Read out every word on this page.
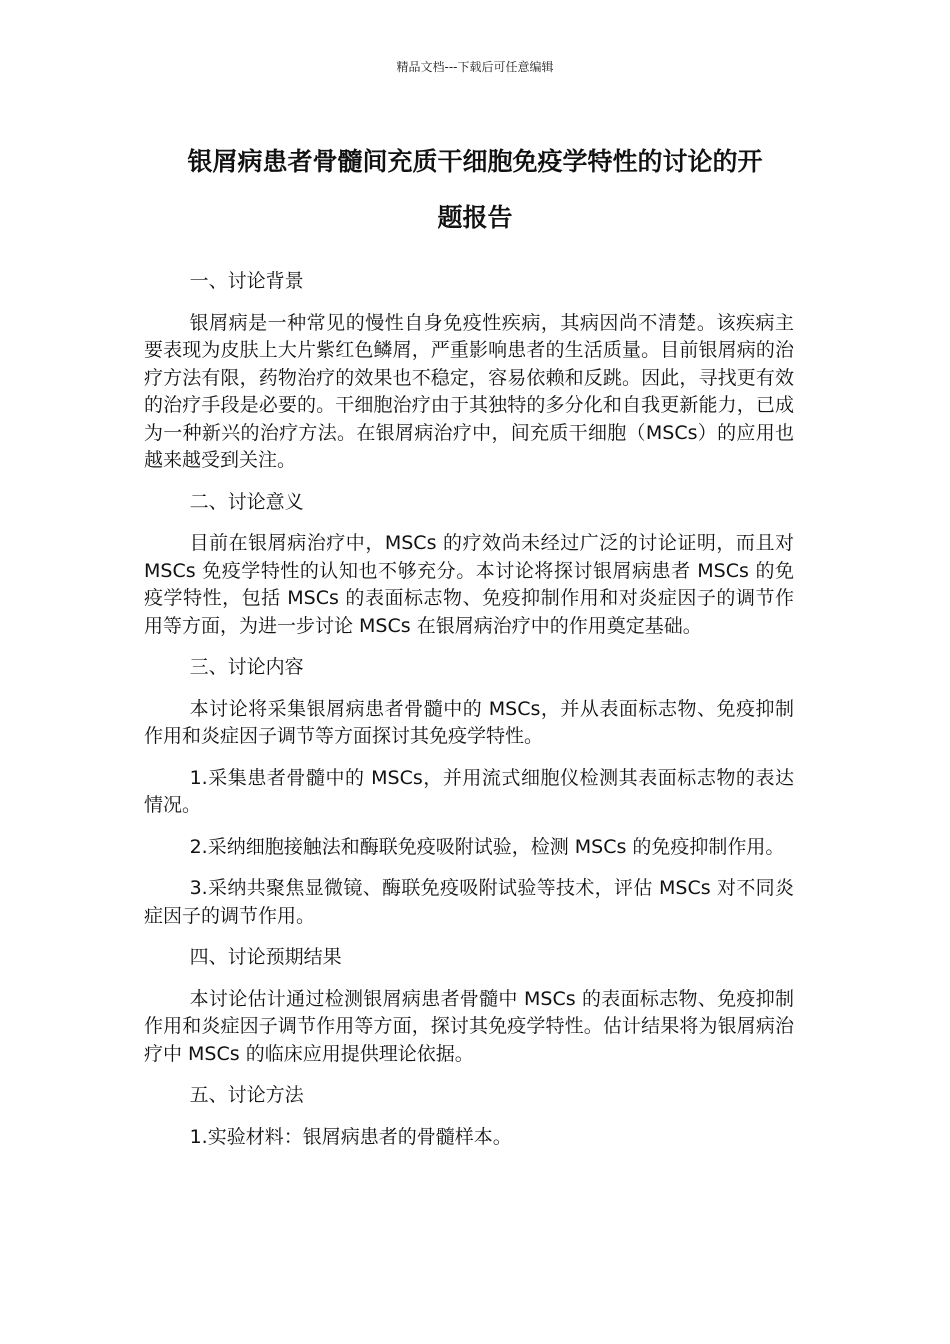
精品文档---下载后可任意编辑
银屑病患者骨髓间充质干细胞免疫学特性的讨论的开
题报告

一、讨论背景

银屑病是一种常见的慢性自身免疫性疾病，其病因尚不清楚。该疾病主要表现为皮肤上大片紫红色鳞屑，严重影响患者的生活质量。目前银屑病的治疗方法有限，药物治疗的效果也不稳定，容易依赖和反跳。因此，寻找更有效的治疗手段是必要的。干细胞治疗由于其独特的多分化和自我更新能力，已成为一种新兴的治疗方法。在银屑病治疗中，间充质干细胞（MSCs）的应用也越来越受到关注。

二、讨论意义

目前在银屑病治疗中，MSCs 的疗效尚未经过广泛的讨论证明，而且对 MSCs 免疫学特性的认知也不够充分。本讨论将探讨银屑病患者 MSCs 的免疫学特性，包括 MSCs 的表面标志物、免疫抑制作用和对炎症因子的调节作用等方面，为进一步讨论 MSCs 在银屑病治疗中的作用奠定基础。

三、讨论内容

本讨论将采集银屑病患者骨髓中的 MSCs，并从表面标志物、免疫抑制作用和炎症因子调节等方面探讨其免疫学特性。

1.采集患者骨髓中的 MSCs，并用流式细胞仪检测其表面标志物的表达情况。

2.采纳细胞接触法和酶联免疫吸附试验，检测 MSCs 的免疫抑制作用。

3.采纳共聚焦显微镜、酶联免疫吸附试验等技术，评估 MSCs 对不同炎症因子的调节作用。

四、讨论预期结果

本讨论估计通过检测银屑病患者骨髓中 MSCs 的表面标志物、免疫抑制作用和炎症因子调节作用等方面，探讨其免疫学特性。估计结果将为银屑病治疗中 MSCs 的临床应用提供理论依据。

五、讨论方法

1.实验材料：银屑病患者的骨髓样本。
